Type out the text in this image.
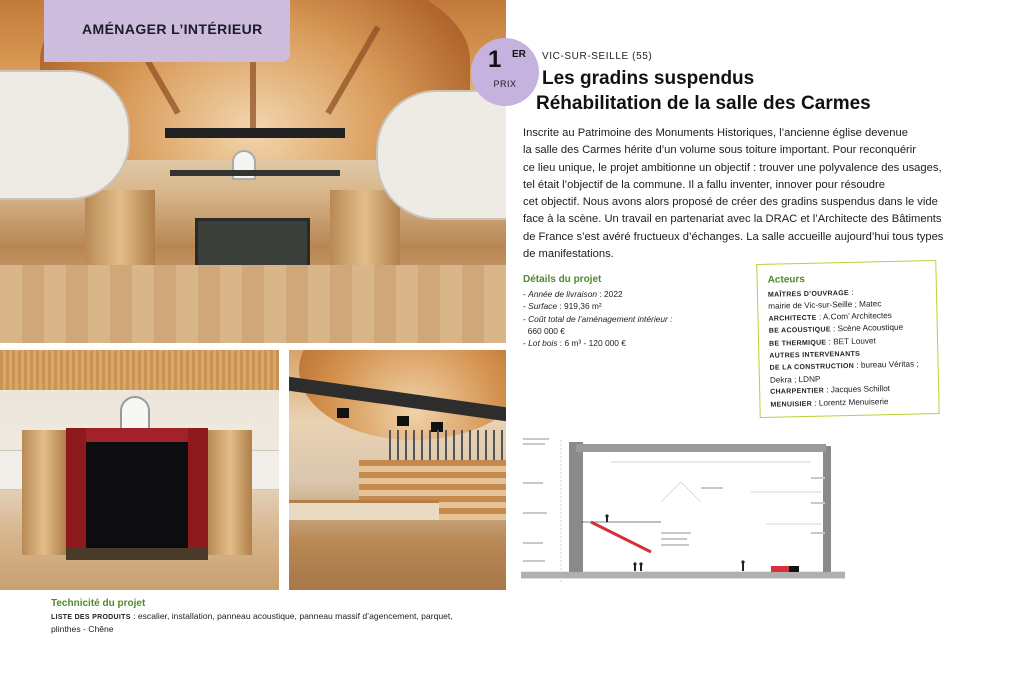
AMÉNAGER L’INTÉRIEUR
1 ER
PRIX
VIC-SUR-SEILLE (55)
Les gradins suspendus
Réhabilitation de la salle des Carmes
Inscrite au Patrimoine des Monuments Historiques, l’ancienne église devenue
la salle des Carmes hérite d’un volume sous toiture important. Pour reconquérir
ce lieu unique, le projet ambitionne un objectif : trouver une polyvalence des usages,
tel était l’objectif de la commune. Il a fallu inventer, innover pour résoudre
cet objectif. Nous avons alors proposé de créer des gradins suspendus dans le vide
face à la scène. Un travail en partenariat avec la DRAC et l’Architecte des Bâtiments
de France s’est avéré fructueux d’échanges. La salle accueille aujourd’hui tous types
de manifestations.
Détails du projet
- Année de livraison : 2022
- Surface : 919,36 m²
- Coût total de l’aménagement intérieur :
660 000 €
- Lot bois : 6 m³ - 120 000 €
Acteurs
MAÎTRES D’OUVRAGE :
mairie de Vic-sur-Seille ; Matec
ARCHITECTE : A.Com’ Architectes
BE ACOUSTIQUE : Scène Acoustique
BE THERMIQUE : BET Louvet
AUTRES INTERVENANTS
DE LA CONSTRUCTION : bureau Véritas ;
Dekra ; LDNP
CHARPENTIER : Jacques Schillot
MENUISIER : Lorentz Menuiserie
Technicité du projet
LISTE DES PRODUITS : escalier, installation, panneau acoustique, panneau massif d’agencement, parquet,
plinthes - Chêne
